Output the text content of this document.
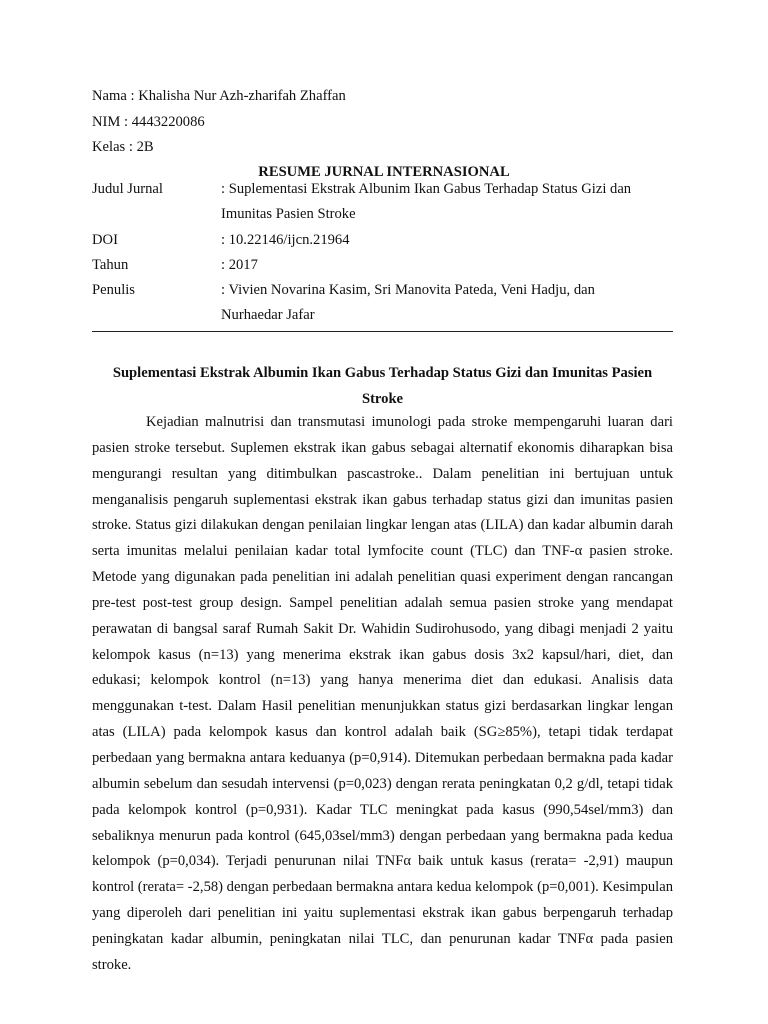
Nama : Khalisha Nur Azh-zharifah Zhaffan
NIM : 4443220086
Kelas : 2B
RESUME JURNAL INTERNASIONAL
Judul Jurnal	: Suplementasi Ekstrak Albunim Ikan Gabus Terhadap Status Gizi dan
Imunitas Pasien Stroke
DOI	: 10.22146/ijcn.21964
Tahun	: 2017
Penulis	: Vivien Novarina Kasim, Sri Manovita Pateda, Veni Hadju, dan
Nurhaedar Jafar
Suplementasi Ekstrak Albumin Ikan Gabus Terhadap Status Gizi dan Imunitas Pasien Stroke

Kejadian malnutrisi dan transmutasi imunologi pada stroke mempengaruhi luaran dari pasien stroke tersebut. Suplemen ekstrak ikan gabus sebagai alternatif ekonomis diharapkan bisa mengurangi resultan yang ditimbulkan pascastroke.. Dalam penelitian ini bertujuan untuk menganalisis pengaruh suplementasi ekstrak ikan gabus terhadap status gizi dan imunitas pasien stroke. Status gizi dilakukan dengan penilaian lingkar lengan atas (LILA) dan kadar albumin darah serta imunitas melalui penilaian kadar total lymfocite count (TLC) dan TNF-α pasien stroke. Metode yang digunakan pada penelitian ini adalah penelitian quasi experiment dengan rancangan pre-test post-test group design. Sampel penelitian adalah semua pasien stroke yang mendapat perawatan di bangsal saraf Rumah Sakit Dr. Wahidin Sudirohusodo, yang dibagi menjadi 2 yaitu kelompok kasus (n=13) yang menerima ekstrak ikan gabus dosis 3x2 kapsul/hari, diet, dan edukasi; kelompok kontrol (n=13) yang hanya menerima diet dan edukasi. Analisis data menggunakan t-test. Dalam Hasil penelitian menunjukkan status gizi berdasarkan lingkar lengan atas (LILA) pada kelompok kasus dan kontrol adalah baik (SG≥85%), tetapi tidak terdapat perbedaan yang bermakna antara keduanya (p=0,914). Ditemukan perbedaan bermakna pada kadar albumin sebelum dan sesudah intervensi (p=0,023) dengan rerata peningkatan 0,2 g/dl, tetapi tidak pada kelompok kontrol (p=0,931). Kadar TLC meningkat pada kasus (990,54sel/mm3) dan sebaliknya menurun pada kontrol (645,03sel/mm3) dengan perbedaan yang bermakna pada kedua kelompok (p=0,034). Terjadi penurunan nilai TNFα baik untuk kasus (rerata= -2,91) maupun kontrol (rerata= -2,58) dengan perbedaan bermakna antara kedua kelompok (p=0,001). Kesimpulan yang diperoleh dari penelitian ini yaitu suplementasi ekstrak ikan gabus berpengaruh terhadap peningkatan kadar albumin, peningkatan nilai TLC, dan penurunan kadar TNFα pada pasien stroke.
